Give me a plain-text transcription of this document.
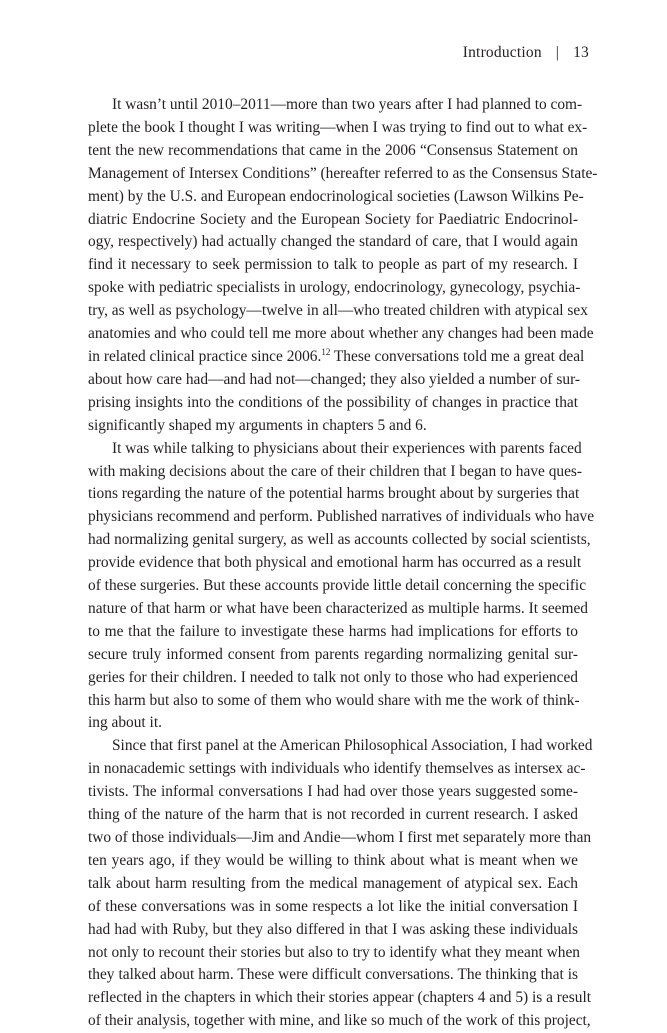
Introduction | 13

It wasn’t until 2010–2011—more than two years after I had planned to com-
plete the book I thought I was writing—when I was trying to find out to what ex-
tent the new recommendations that came in the 2006 “Consensus Statement on
Management of Intersex Conditions” (hereafter referred to as the Consensus State-
ment) by the U.S. and European endocrinological societies (Lawson Wilkins Pe-
diatric Endocrine Society and the European Society for Paediatric Endocrinol-
ogy, respectively) had actually changed the standard of care, that I would again
find it necessary to seek permission to talk to people as part of my research. I
spoke with pediatric specialists in urology, endocrinology, gynecology, psychia-
try, as well as psychology—twelve in all—who treated children with atypical sex
anatomies and who could tell me more about whether any changes had been made
in related clinical practice since 2006.12 These conversations told me a great deal
about how care had—and had not—changed; they also yielded a number of sur-
prising insights into the conditions of the possibility of changes in practice that
significantly shaped my arguments in chapters 5 and 6.

It was while talking to physicians about their experiences with parents faced
with making decisions about the care of their children that I began to have ques-
tions regarding the nature of the potential harms brought about by surgeries that
physicians recommend and perform. Published narratives of individuals who have
had normalizing genital surgery, as well as accounts collected by social scientists,
provide evidence that both physical and emotional harm has occurred as a result
of these surgeries. But these accounts provide little detail concerning the specific
nature of that harm or what have been characterized as multiple harms. It seemed
to me that the failure to investigate these harms had implications for efforts to
secure truly informed consent from parents regarding normalizing genital sur-
geries for their children. I needed to talk not only to those who had experienced
this harm but also to some of them who would share with me the work of think-
ing about it.

Since that first panel at the American Philosophical Association, I had worked
in nonacademic settings with individuals who identify themselves as intersex ac-
tivists. The informal conversations I had had over those years suggested some-
thing of the nature of the harm that is not recorded in current research. I asked
two of those individuals—Jim and Andie—whom I first met separately more than
ten years ago, if they would be willing to think about what is meant when we
talk about harm resulting from the medical management of atypical sex. Each
of these conversations was in some respects a lot like the initial conversation I
had had with Ruby, but they also differed in that I was asking these individuals
not only to recount their stories but also to try to identify what they meant when
they talked about harm. These were difficult conversations. The thinking that is
reflected in the chapters in which their stories appear (chapters 4 and 5) is a result
of their analysis, together with mine, and like so much of the work of this project,
